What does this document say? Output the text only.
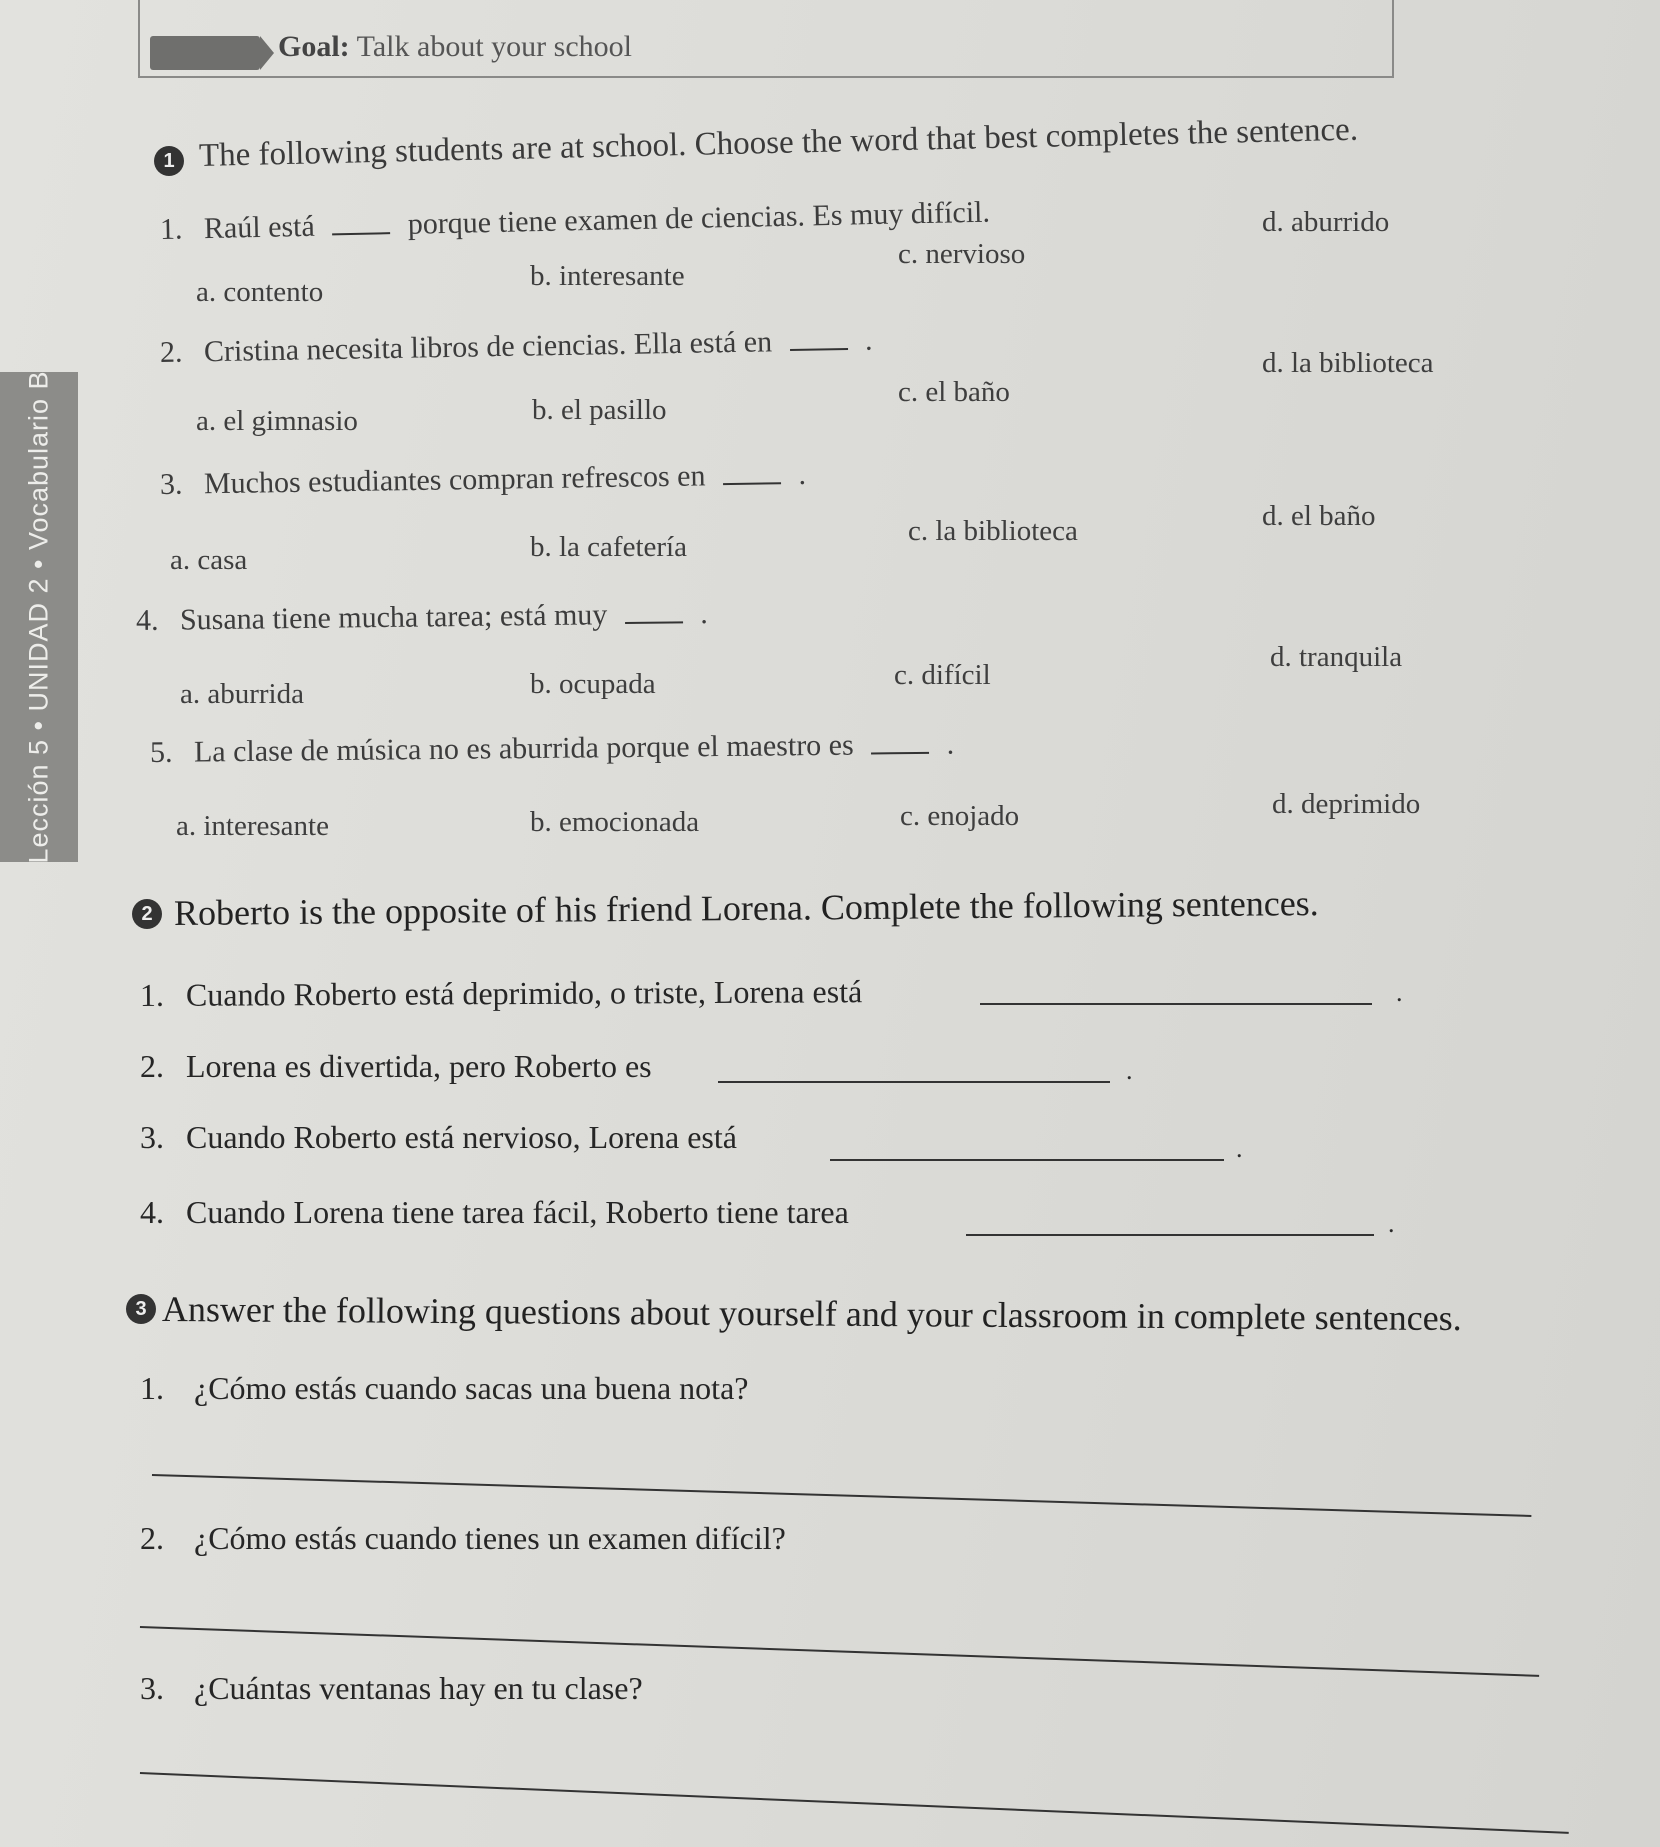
Goal: Talk about your school
Lección 5 • UNIDAD 2 • Vocabulario B
1 The following students are at school. Choose the word that best completes the sentence.
1. Raúl está	porque tiene examen de ciencias. Es muy difícil.
a. contento	b. interesante
c. nervioso
d. aburrido
2. Cristina necesita libros de ciencias. Ella está en	.
a. el gimnasio	b. el pasillo
c. el baño
d. la biblioteca
3. Muchos estudiantes compran refrescos en	.
a. casa	b. la cafetería	c. la biblioteca	d. el baño
4. Susana tiene mucha tarea; está muy	.
a. aburrida	b. ocupada	c. difícil
d. tranquila
5. La clase de música no es aburrida porque el maestro es	.
a. interesante	b. emocionada	c. enojado	d. deprimido
2 Roberto is the opposite of his friend Lorena. Complete the following sentences.
1. Cuando Roberto está deprimido, o triste, Lorena está	.
2. Lorena es divertida, pero Roberto es	.
3. Cuando Roberto está nervioso, Lorena está	.
4. Cuando Lorena tiene tarea fácil, Roberto tiene tarea	.
3 Answer the following questions about yourself and your classroom in complete sentences.
1. ¿Cómo estás cuando sacas una buena nota?
2. ¿Cómo estás cuando tienes un examen difícil?
3. ¿Cuántas ventanas hay en tu clase?
